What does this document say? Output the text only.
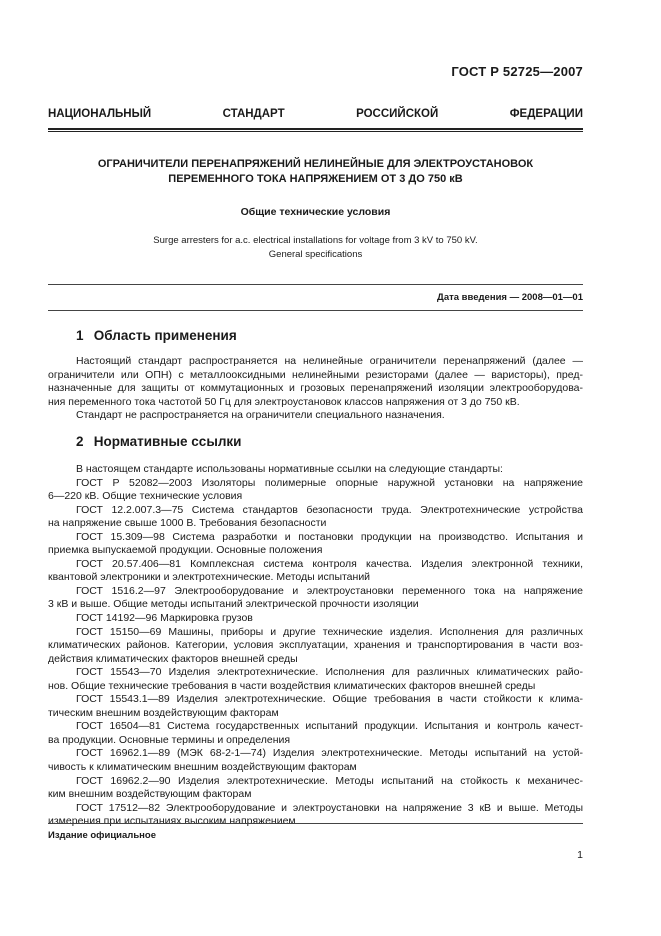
ГОСТ Р 52725—2007
НАЦИОНАЛЬНЫЙ	СТАНДАРТ	РОССИЙСКОЙ	ФЕДЕРАЦИИ
ОГРАНИЧИТЕЛИ ПЕРЕНАПРЯЖЕНИЙ НЕЛИНЕЙНЫЕ ДЛЯ ЭЛЕКТРОУСТАНОВОК
ПЕРЕМЕННОГО ТОКА НАПРЯЖЕНИЕМ ОТ 3 ДО 750 кВ
Общие технические условия
Surge arresters for a.c. electrical installations for voltage from 3 kV to 750 kV.
General specifications
Дата введения — 2008—01—01
1 Область применения
Настоящий стандарт распространяется на нелинейные ограничители перенапряжений (далее —
ограничители или ОПН) с металлооксидными нелинейными резисторами (далее — варисторы), пред-
назначенные для защиты от коммутационных и грозовых перенапряжений изоляции электрооборудова-
ния переменного тока частотой 50 Гц для электроустановок классов напряжения от 3 до 750 кВ.
Стандарт не распространяется на ограничители специального назначения.
2 Нормативные ссылки
В настоящем стандарте использованы нормативные ссылки на следующие стандарты:
ГОСТ Р 52082—2003 Изоляторы полимерные опорные наружной установки на напряжение
6—220 кВ. Общие технические условия
ГОСТ 12.2.007.3—75 Система стандартов безопасности труда. Электротехнические устройства
на напряжение свыше 1000 В. Требования безопасности
ГОСТ 15.309—98 Система разработки и постановки продукции на производство. Испытания и
приемка выпускаемой продукции. Основные положения
ГОСТ 20.57.406—81 Комплексная система контроля качества. Изделия электронной техники,
квантовой электроники и электротехнические. Методы испытаний
ГОСТ 1516.2—97 Электрооборудование и электроустановки переменного тока на напряжение
3 кВ и выше. Общие методы испытаний электрической прочности изоляции
ГОСТ 14192—96 Маркировка грузов
ГОСТ 15150—69 Машины, приборы и другие технические изделия. Исполнения для различных
климатических районов. Категории, условия эксплуатации, хранения и транспортирования в части воз-
действия климатических факторов внешней среды
ГОСТ 15543—70 Изделия электротехнические. Исполнения для различных климатических райо-
нов. Общие технические требования в части воздействия климатических факторов внешней среды
ГОСТ 15543.1—89 Изделия электротехнические. Общие требования в части стойкости к клима-
тическим внешним воздействующим факторам
ГОСТ 16504—81 Система государственных испытаний продукции. Испытания и контроль качест-
ва продукции. Основные термины и определения
ГОСТ 16962.1—89 (МЭК 68-2-1—74) Изделия электротехнические. Методы испытаний на устой-
чивость к климатическим внешним воздействующим факторам
ГОСТ 16962.2—90 Изделия электротехнические. Методы испытаний на стойкость к механичес-
ким внешним воздействующим факторам
ГОСТ 17512—82 Электрооборудование и электроустановки на напряжение 3 кВ и выше. Методы
измерения при испытаниях высоким напряжением
Издание официальное
1
